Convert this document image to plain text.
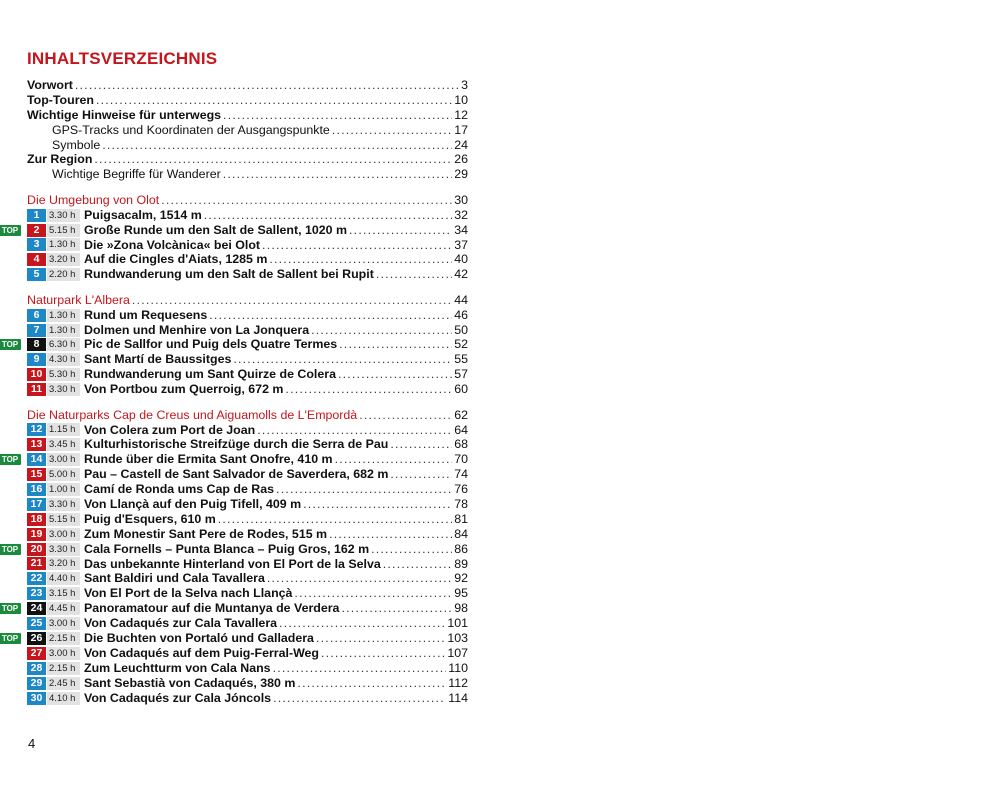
INHALTSVERZEICHNIS
Vorwort .....	3
Top-Touren .....	10
Wichtige Hinweise für unterwegs .....	12
GPS-Tracks und Koordinaten der Ausgangspunkte .....	17
Symbole .....	24
Zur Region .....	26
Wichtige Begriffe für Wanderer .....	29
Die Umgebung von Olot .....	30
1	3.30 h Puigsacalm, 1514 m .....	32
TOP	2	5.15 h Große Runde um den Salt de Sallent, 1020 m .....	34
3	1.30 h Die »Zona Volcànica« bei Olot .....	37
4	3.20 h Auf die Cingles d'Aiats, 1285 m .....	40
5	2.20 h Rundwanderung um den Salt de Sallent bei Rupit .....	42
Naturpark L'Albera .....	44
6	1.30 h Rund um Requesens .....	46
7	1.30 h Dolmen und Menhire von La Jonquera .....	50
TOP	8	6.30 h Pic de Sallfor und Puig dels Quatre Termes .....	52
9	4.30 h Sant Martí de Baussitges .....	55
10 5.30 h Rundwanderung um Sant Quirze de Colera .....	57
11 3.30 h Von Portbou zum Querroig, 672 m .....	60
Die Naturparks Cap de Creus und Aiguamolls de L'Empordà .....	62
12 1.15 h Von Colera zum Port de Joan .....	64
13 3.45 h Kulturhistorische Streifzüge durch die Serra de Pau .....	68
TOP	14 3.00 h Runde über die Ermita Sant Onofre, 410 m .....	70
15 5.00 h Pau – Castell de Sant Salvador de Saverdera, 682 m .....	74
16 1.00 h Camí de Ronda ums Cap de Ras .....	76
17 3.30 h Von Llançà auf den Puig Tifell, 409 m .....	78
18 5.15 h Puig d'Esquers, 610 m .....	81
19 3.00 h Zum Monestir Sant Pere de Rodes, 515 m .....	84
TOP	20 3.30 h Cala Fornells – Punta Blanca – Puig Gros, 162 m .....	86
21 3.20 h Das unbekannte Hinterland von El Port de la Selva .....	89
22 4.40 h Sant Baldiri und Cala Tavallera .....	92
23 3.15 h Von El Port de la Selva nach Llançà .....	95
TOP	24 4.45 h Panoramatour auf die Muntanya de Verdera .....	98
25 3.00 h Von Cadaqués zur Cala Tavallera .....	101
TOP	26 2.15 h Die Buchten von Portaló und Galladera .....	103
27 3.00 h Von Cadaqués auf dem Puig-Ferral-Weg .....	107
28 2.15 h Zum Leuchtturm von Cala Nans .....	110
29 2.45 h Sant Sebastià von Cadaqués, 380 m .....	112
30 4.10 h Von Cadaqués zur Cala Jóncols .....	114
4
